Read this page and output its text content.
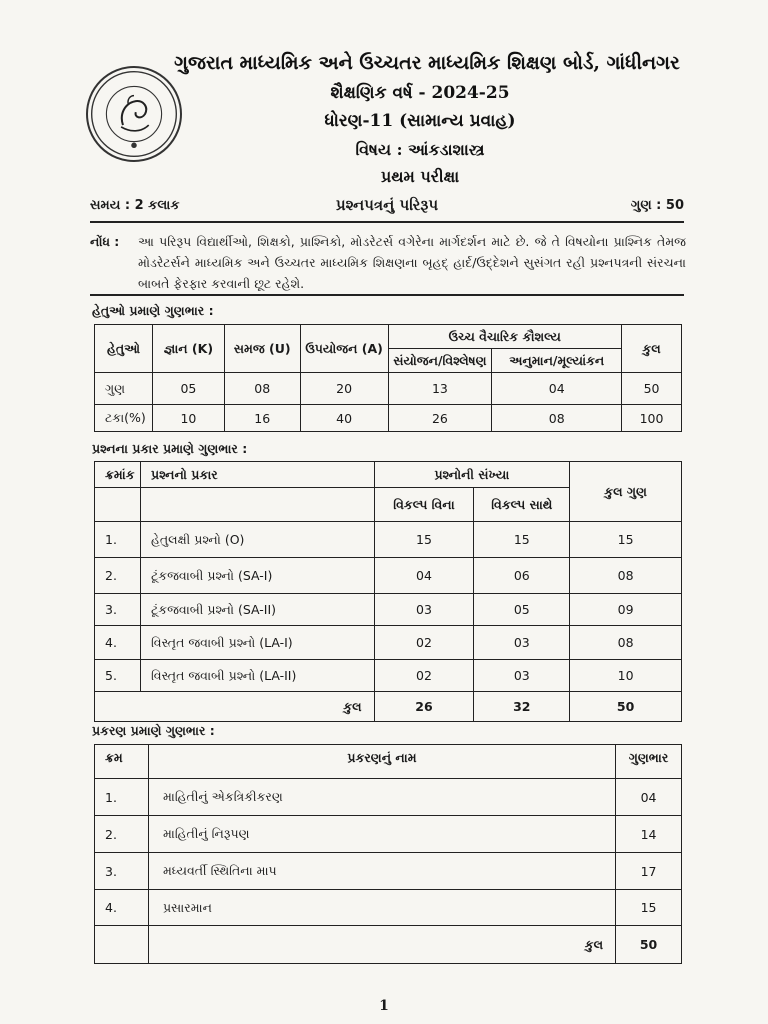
ગુજરાત માધ્યમિક અને ઉચ્ચતર માધ્યમિક શિક્ષણ બોર્ડ, ગાંધીનગર
શૈક્ષણિક વર્ષ - 2024-25
ધોરણ-11 (સામાન્ય પ્રવાહ)
વિષય : આંકડાશાસ્ત્ર
પ્રથમ પરીક્ષા
સમય : 2 કલાક	પ્રશ્નપત્રનું પરિરૂપ	ગુણ : 50
નોંધ : આ પરિરૂપ વિદ્યાર્થીઓ, શિક્ષકો, પ્રાશ્નિકો, મોડરેટર્સ વગેરેના માર્ગદર્શન માટે છે. જે તે વિષયોના પ્રાશ્નિક તેમજ મોડરેટર્સને માધ્યમિક અને ઉચ્ચતર માધ્યમિક શિક્ષણના બૃહદ્ હાર્દ/ઉદ્દેશને સુસંગત રહી પ્રશ્નપત્રની સંરચના બાબતે ફેરફાર કરવાની છૂટ રહેશે.
હેતુઓ પ્રમાણે ગુણભાર :
હેતુઓ	જ્ઞાન (K)	સમજ (U)	ઉપયોજન (A)	ઉચ્ચ વૈચારિક કૌશલ્ય		કુલ
				સંયોજન/વિશ્લેષણ	અનુમાન/મૂલ્યાંકન	
ગુણ	05	08	20	13	04	50
ટકા(%)	10	16	40	26	08	100
પ્રશ્નના પ્રકાર પ્રમાણે ગુણભાર :
ક્રમાંક	પ્રશ્નનો પ્રકાર	પ્રશ્નોની સંખ્યા		કુલ ગુણ
		વિકલ્પ વિના	વિકલ્પ સાથે	
1.	હેતુલક્ષી પ્રશ્નો (O)	15	15	15
2.	ટૂંકજવાબી પ્રશ્નો (SA-I)	04	06	08
3.	ટૂંકજવાબી પ્રશ્નો (SA-II)	03	05	09
4.	વિસ્તૃત જવાબી પ્રશ્નો (LA-I)	02	03	08
5.	વિસ્તૃત જવાબી પ્રશ્નો (LA-II)	02	03	10
કુલ		26	32	50
પ્રકરણ પ્રમાણે ગુણભાર :
ક્રમ	પ્રકરણનું નામ	ગુણભાર
1.	માહિતીનું એકત્રિકીકરણ	04
2.	માહિતીનું નિરૂપણ	14
3.	મધ્યવર્તી સ્થિતિના માપ	17
4.	પ્રસારમાન	15
	કુલ	50
1
